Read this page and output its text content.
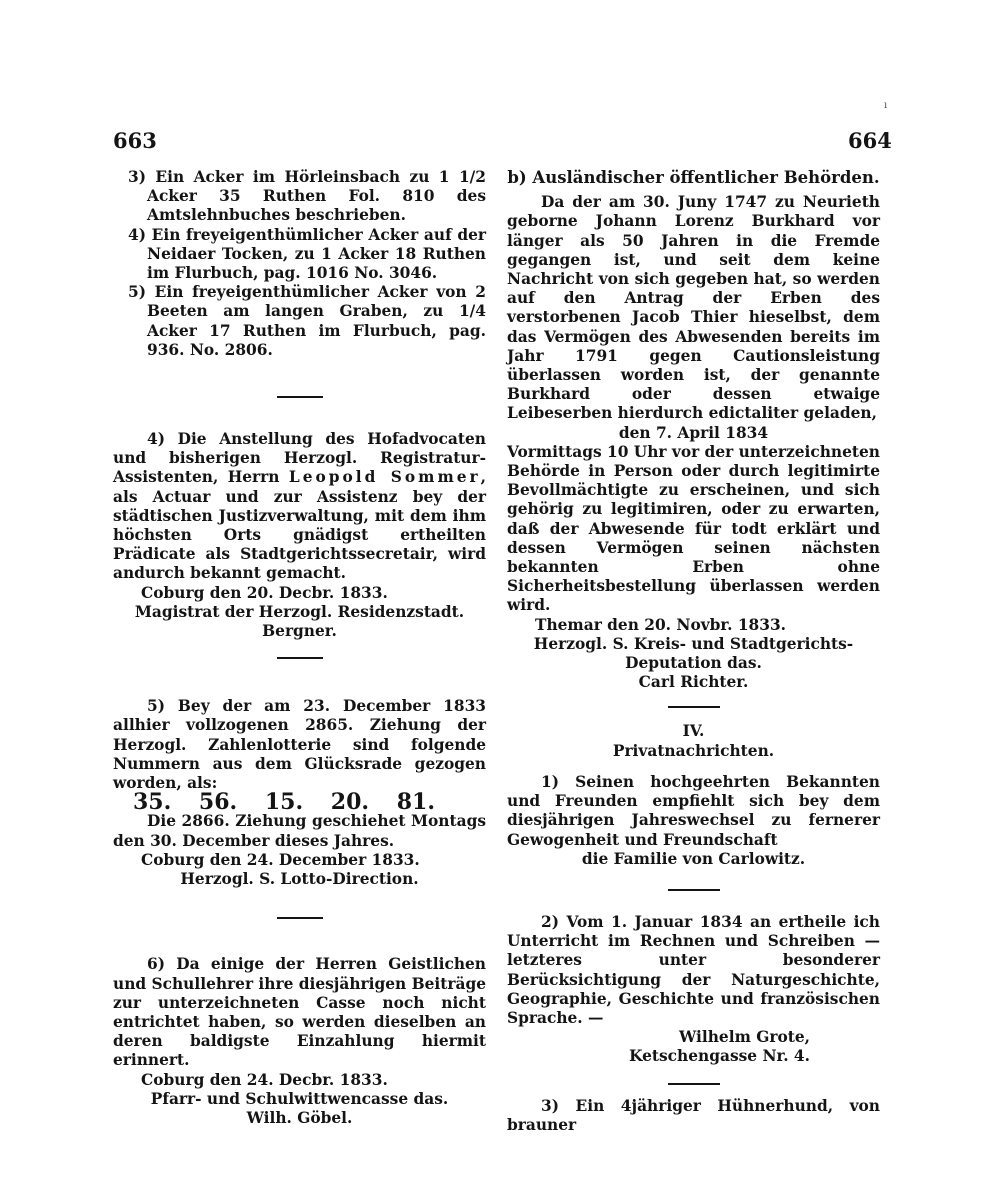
663	664
ı

3) Ein Acker im Hörleinsbach zu 1 1/2 Acker 35 Ruthen Fol. 810 des Amtslehnbuches beschrieben.

4) Ein freyeigenthümlicher Acker auf der Neidaer Tocken, zu 1 Acker 18 Ruthen im Flurbuch, pag. 1016 No. 3046.

5) Ein freyeigenthümlicher Acker von 2 Beeten am langen Graben, zu 1/4 Acker 17 Ruthen im Flurbuch, pag. 936. No. 2806.

4) Die Anstellung des Hofadvocaten und bisherigen Herzogl. Registratur-Assistenten, Herrn Leopold Sommer, als Actuar und zur Assistenz bey der städtischen Justizverwaltung, mit dem ihm höchsten Orts gnädigst ertheilten Prädicate als Stadtgerichtssecretair, wird andurch bekannt gemacht.

Coburg den 20. Decbr. 1833.

Magistrat der Herzogl. Residenzstadt.

Bergner.

5) Bey der am 23. December 1833 allhier vollzogenen 2865. Ziehung der Herzogl. Zahlenlotterie sind folgende Nummern aus dem Glücksrade gezogen worden, als:

35. 56. 15. 20. 81.

Die 2866. Ziehung geschiehet Montags den 30. December dieses Jahres.

Coburg den 24. December 1833.

Herzogl. S. Lotto-Direction.

6) Da einige der Herren Geistlichen und Schullehrer ihre diesjährigen Beiträge zur unterzeichneten Casse noch nicht entrichtet haben, so werden dieselben an deren baldigste Einzahlung hiermit erinnert.

Coburg den 24. Decbr. 1833.

Pfarr- und Schulwittwencasse das.

Wilh. Göbel.

b) Ausländischer öffentlicher Behörden.

Da der am 30. Juny 1747 zu Neurieth geborne Johann Lorenz Burkhard vor länger als 50 Jahren in die Fremde gegangen ist, und seit dem keine Nachricht von sich gegeben hat, so werden auf den Antrag der Erben des verstorbenen Jacob Thier hieselbst, dem das Vermögen des Abwesenden bereits im Jahr 1791 gegen Cautionsleistung überlassen worden ist, der genannte Burkhard oder dessen etwaige Leibeserben hierdurch edictaliter geladen,

den 7. April 1834

Vormittags 10 Uhr vor der unterzeichneten Behörde in Person oder durch legitimirte Bevollmächtigte zu erscheinen, und sich gehörig zu legitimiren, oder zu erwarten, daß der Abwesende für todt erklärt und dessen Vermögen seinen nächsten bekannten Erben ohne Sicherheitsbestellung überlassen werden wird.

Themar den 20. Novbr. 1833.

Herzogl. S. Kreis- und Stadtgerichts-

Deputation das.

Carl Richter.

IV.

Privatnachrichten.

1) Seinen hochgeehrten Bekannten und Freunden empfiehlt sich bey dem diesjährigen Jahreswechsel zu fernerer Gewogenheit und Freundschaft

die Familie von Carlowitz.

2) Vom 1. Januar 1834 an ertheile ich Unterricht im Rechnen und Schreiben — letzteres unter besonderer Berücksichtigung der Naturgeschichte, Geographie, Geschichte und französischen Sprache. —

Wilhelm Grote,

Ketschengasse Nr. 4.

3) Ein 4jähriger Hühnerhund, von brauner
